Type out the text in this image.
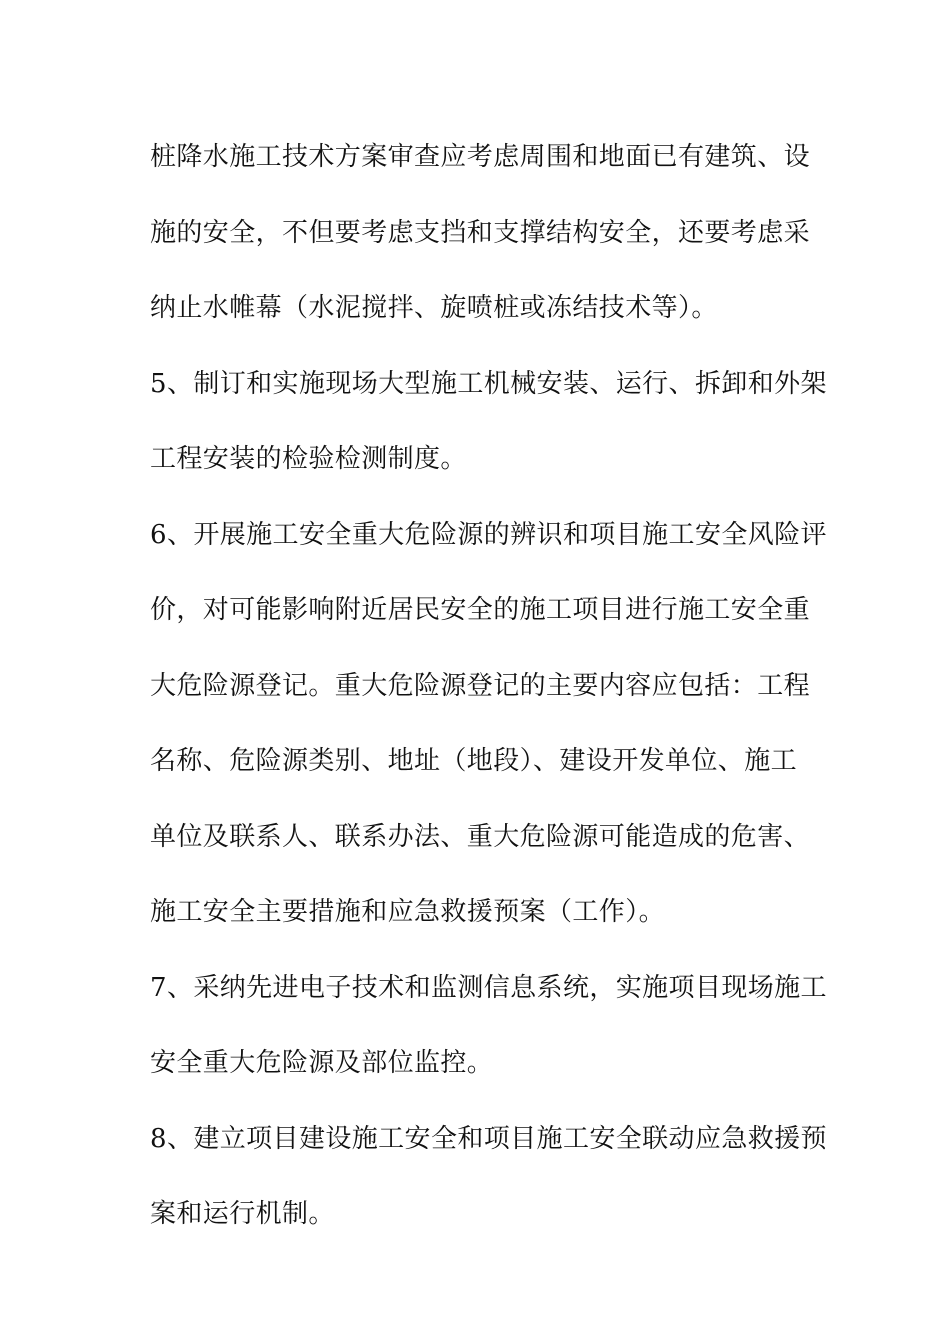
桩降水施工技术方案审查应考虑周围和地面已有建筑、设
施的安全，不但要考虑支挡和支撑结构安全，还要考虑采
纳止水帷幕（水泥搅拌、旋喷桩或冻结技术等）。
5、制订和实施现场大型施工机械安装、运行、拆卸和外架
工程安装的检验检测制度。
6、开展施工安全重大危险源的辨识和项目施工安全风险评
价，对可能影响附近居民安全的施工项目进行施工安全重
大危险源登记。重大危险源登记的主要内容应包括：工程
名称、危险源类别、地址（地段）、建设开发单位、施工
单位及联系人、联系办法、重大危险源可能造成的危害、
施工安全主要措施和应急救援预案（工作）。
7、采纳先进电子技术和监测信息系统，实施项目现场施工
安全重大危险源及部位监控。
8、建立项目建设施工安全和项目施工安全联动应急救援预
案和运行机制。
